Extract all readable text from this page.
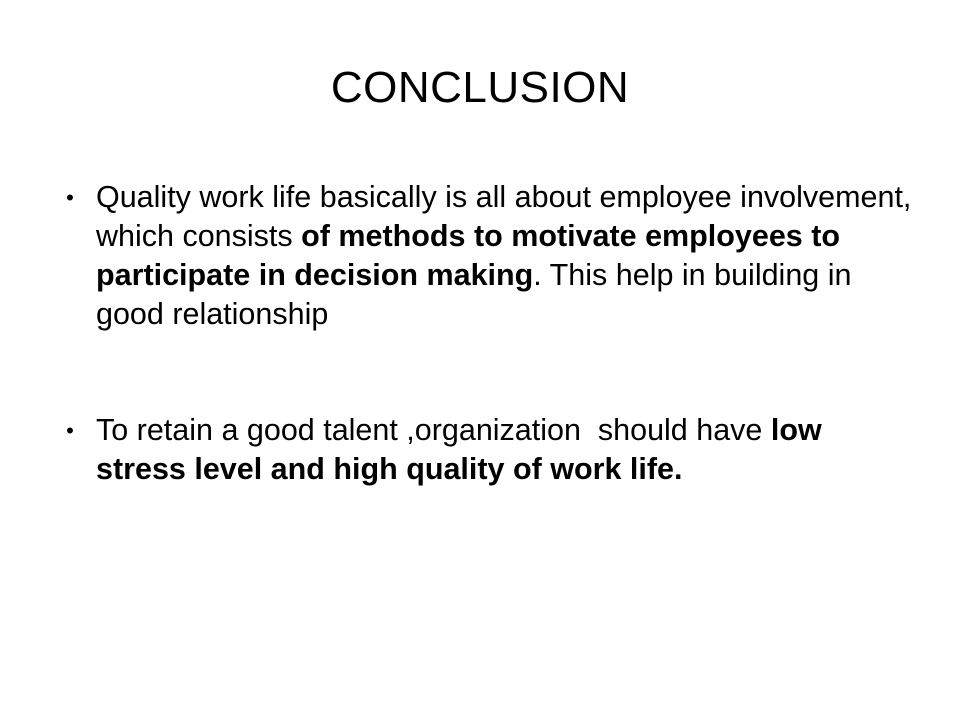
CONCLUSION
• Quality work life basically is all about employee involvement, which consists of methods to motivate employees to participate in decision making. This help in building in good relationship
• To retain a good talent ,organization  should have low stress level and high quality of work life.
